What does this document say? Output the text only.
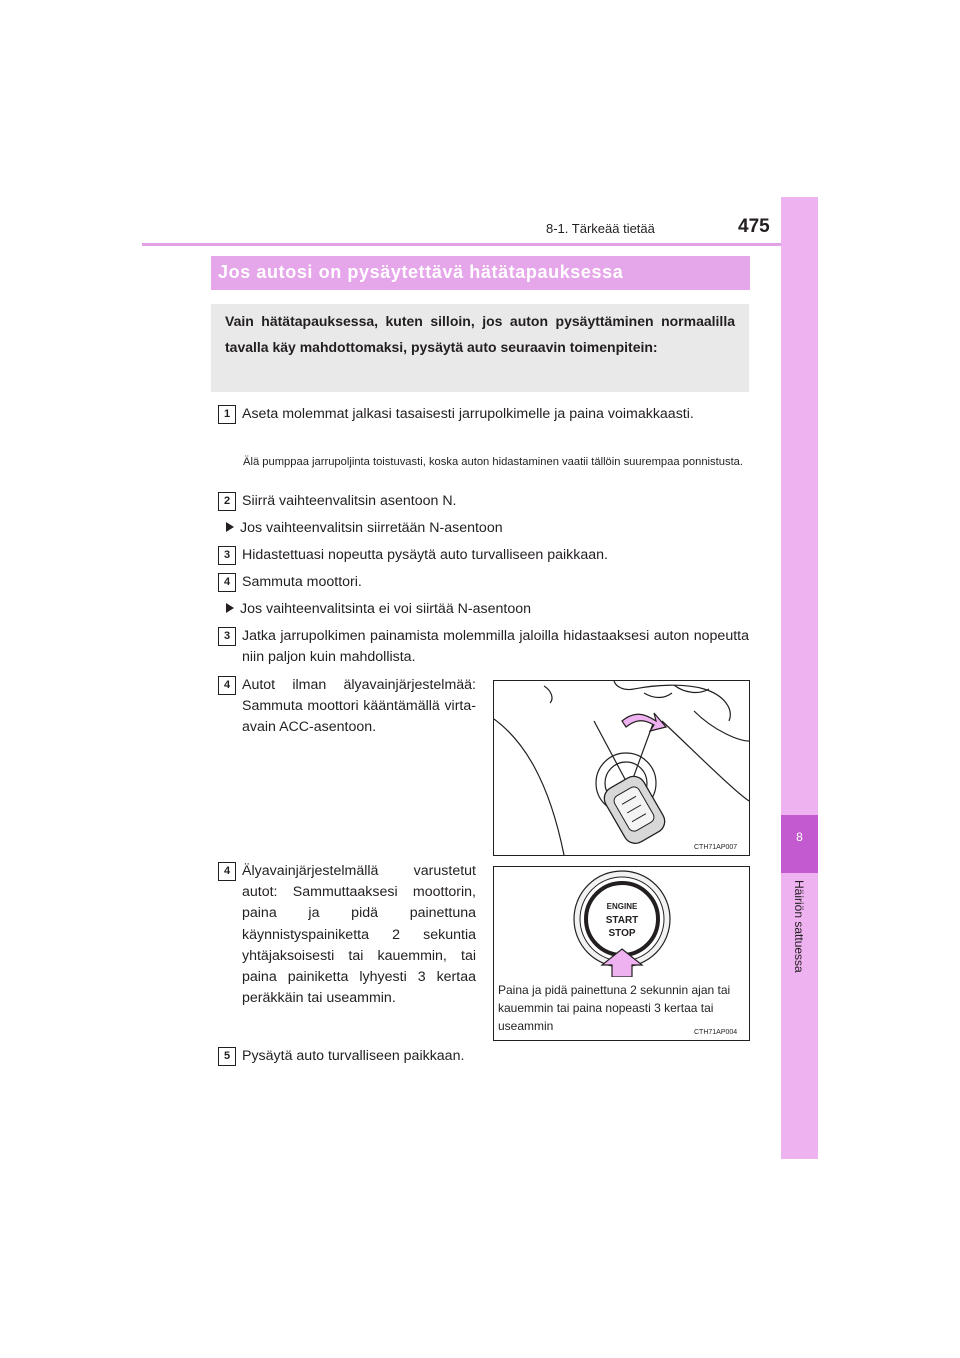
8-1. Tärkeää tietää	475
8
Häiriön sattuessa
Jos autosi on pysäytettävä hätätapauksessa
Vain hätätapauksessa, kuten silloin, jos auton pysäyttäminen normaalilla tavalla käy mahdottomaksi, pysäytä auto seuraavin toimenpitein:
1 Aseta molemmat jalkasi tasaisesti jarrupolkimelle ja paina voimakkaasti.
Älä pumppaa jarrupoljinta toistuvasti, koska auton hidastaminen vaatii tällöin suurempaa ponnistusta.
2 Siirrä vaihteenvalitsin asentoon N.
Jos vaihteenvalitsin siirretään N-asentoon
3 Hidastettuasi nopeutta pysäytä auto turvalliseen paikkaan.
4 Sammuta moottori.
Jos vaihteenvalitsinta ei voi siirtää N-asentoon
3 Jatka jarrupolkimen painamista molemmilla jaloilla hidastaaksesi auton nopeutta niin paljon kuin mahdollista.
4 Autot ilman älyavainjärjestelmää: Sammuta moottori kääntämällä virta-avain ACC-asentoon.
CTH71AP007
4 Älyavainjärjestelmällä varustetut autot: Sammuttaaksesi moottorin, paina ja pidä painettuna käynnistyspainiketta 2 sekuntia yhtäjaksoisesti tai kauemmin, tai paina painiketta lyhyesti 3 kertaa peräkkäin tai useammin.
ENGINE
START
STOP
Paina ja pidä painettuna 2 sekunnin ajan tai kauemmin tai paina nopeasti 3 kertaa tai useammin	CTH71AP004
5 Pysäytä auto turvalliseen paikkaan.
